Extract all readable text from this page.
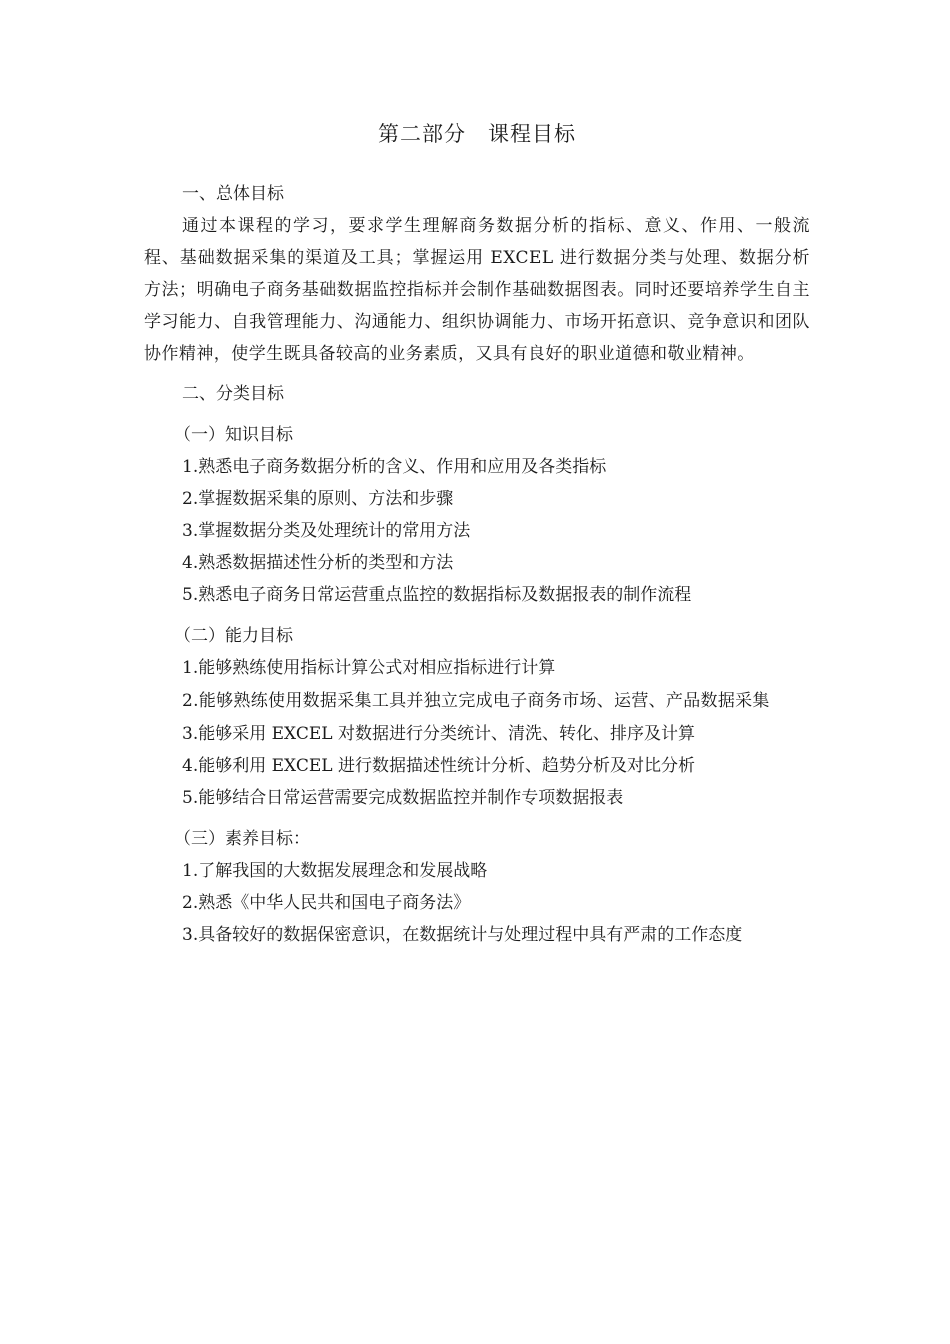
第二部分 课程目标

一、总体目标

通过本课程的学习，要求学生理解商务数据分析的指标、意义、作用、一般流程、基础数据采集的渠道及工具；掌握运用 EXCEL 进行数据分类与处理、数据分析方法；明确电子商务基础数据监控指标并会制作基础数据图表。同时还要培养学生自主学习能力、自我管理能力、沟通能力、组织协调能力、市场开拓意识、竞争意识和团队协作精神，使学生既具备较高的业务素质，又具有良好的职业道德和敬业精神。

二、分类目标

（一）知识目标

1.熟悉电子商务数据分析的含义、作用和应用及各类指标

2.掌握数据采集的原则、方法和步骤

3.掌握数据分类及处理统计的常用方法

4.熟悉数据描述性分析的类型和方法

5.熟悉电子商务日常运营重点监控的数据指标及数据报表的制作流程

（二）能力目标

1.能够熟练使用指标计算公式对相应指标进行计算

2.能够熟练使用数据采集工具并独立完成电子商务市场、运营、产品数据采集

3.能够采用 EXCEL 对数据进行分类统计、清洗、转化、排序及计算

4.能够利用 EXCEL 进行数据描述性统计分析、趋势分析及对比分析

5.能够结合日常运营需要完成数据监控并制作专项数据报表

（三）素养目标：

1.了解我国的大数据发展理念和发展战略

2.熟悉《中华人民共和国电子商务法》

3.具备较好的数据保密意识，在数据统计与处理过程中具有严肃的工作态度
